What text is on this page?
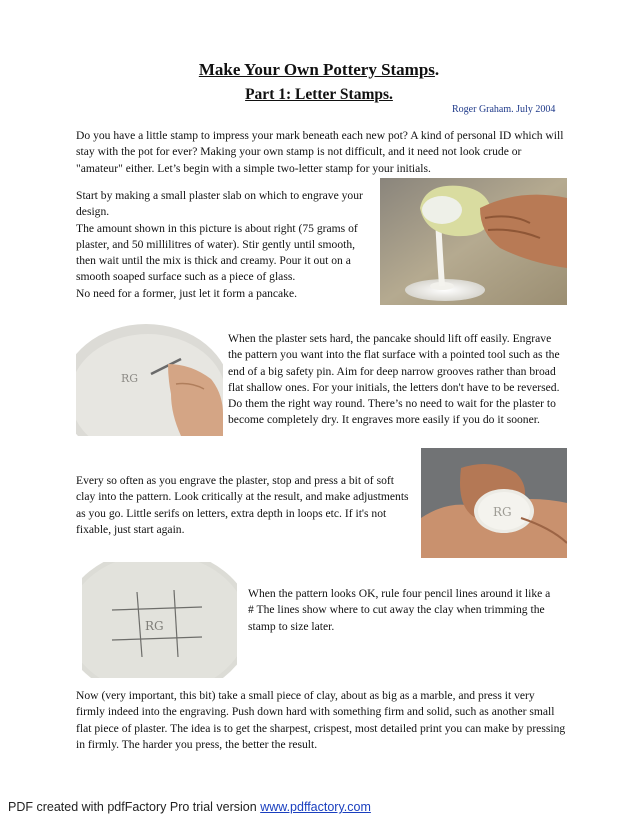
Make Your Own Pottery Stamps.
Part 1: Letter Stamps.
Roger Graham. July 2004
Do you have a little stamp to impress your mark beneath each new pot? A kind of personal ID which will stay with the pot for ever? Making your own stamp is not difficult, and it need not look crude or "amateur" either. Let’s begin with a simple two-letter stamp for your initials.

Start by making a small plaster slab on which to engrave your design.

The amount shown in this picture is about right (75 grams of plaster, and 50 millilitres of water). Stir gently until smooth, then wait until the mix is thick and creamy. Pour it out on a smooth soaped surface such as a piece of glass.

No need for a former, just let it form a pancake.

RG
When the plaster sets hard, the pancake should lift off easily. Engrave the pattern you want into the flat surface with a pointed tool such as the end of a big safety pin. Aim for deep narrow grooves rather than broad flat shallow ones. For your initials, the letters don't have to be reversed. Do them the right way round. There’s no need to wait for the plaster to become completely dry. It engraves more easily if you do it sooner.
Every so often as you engrave the plaster, stop and press a bit of soft clay into the pattern. Look critically at the result, and make adjustments as you go. Little serifs on letters, extra depth in loops etc. If it's not fixable, just start again.
RG
RG
When the pattern looks OK, rule four pencil lines around it like a # The lines show where to cut away the clay when trimming the stamp to size later.
Now (very important, this bit) take a small piece of clay, about as big as a marble, and press it very firmly indeed into the engraving. Push down hard with something firm and solid, such as another small flat piece of plaster. The idea is to get the sharpest, crispest, most detailed print you can make by pressing in firmly. The harder you press, the better the result.
PDF created with pdfFactory Pro trial version www.pdffactory.com
